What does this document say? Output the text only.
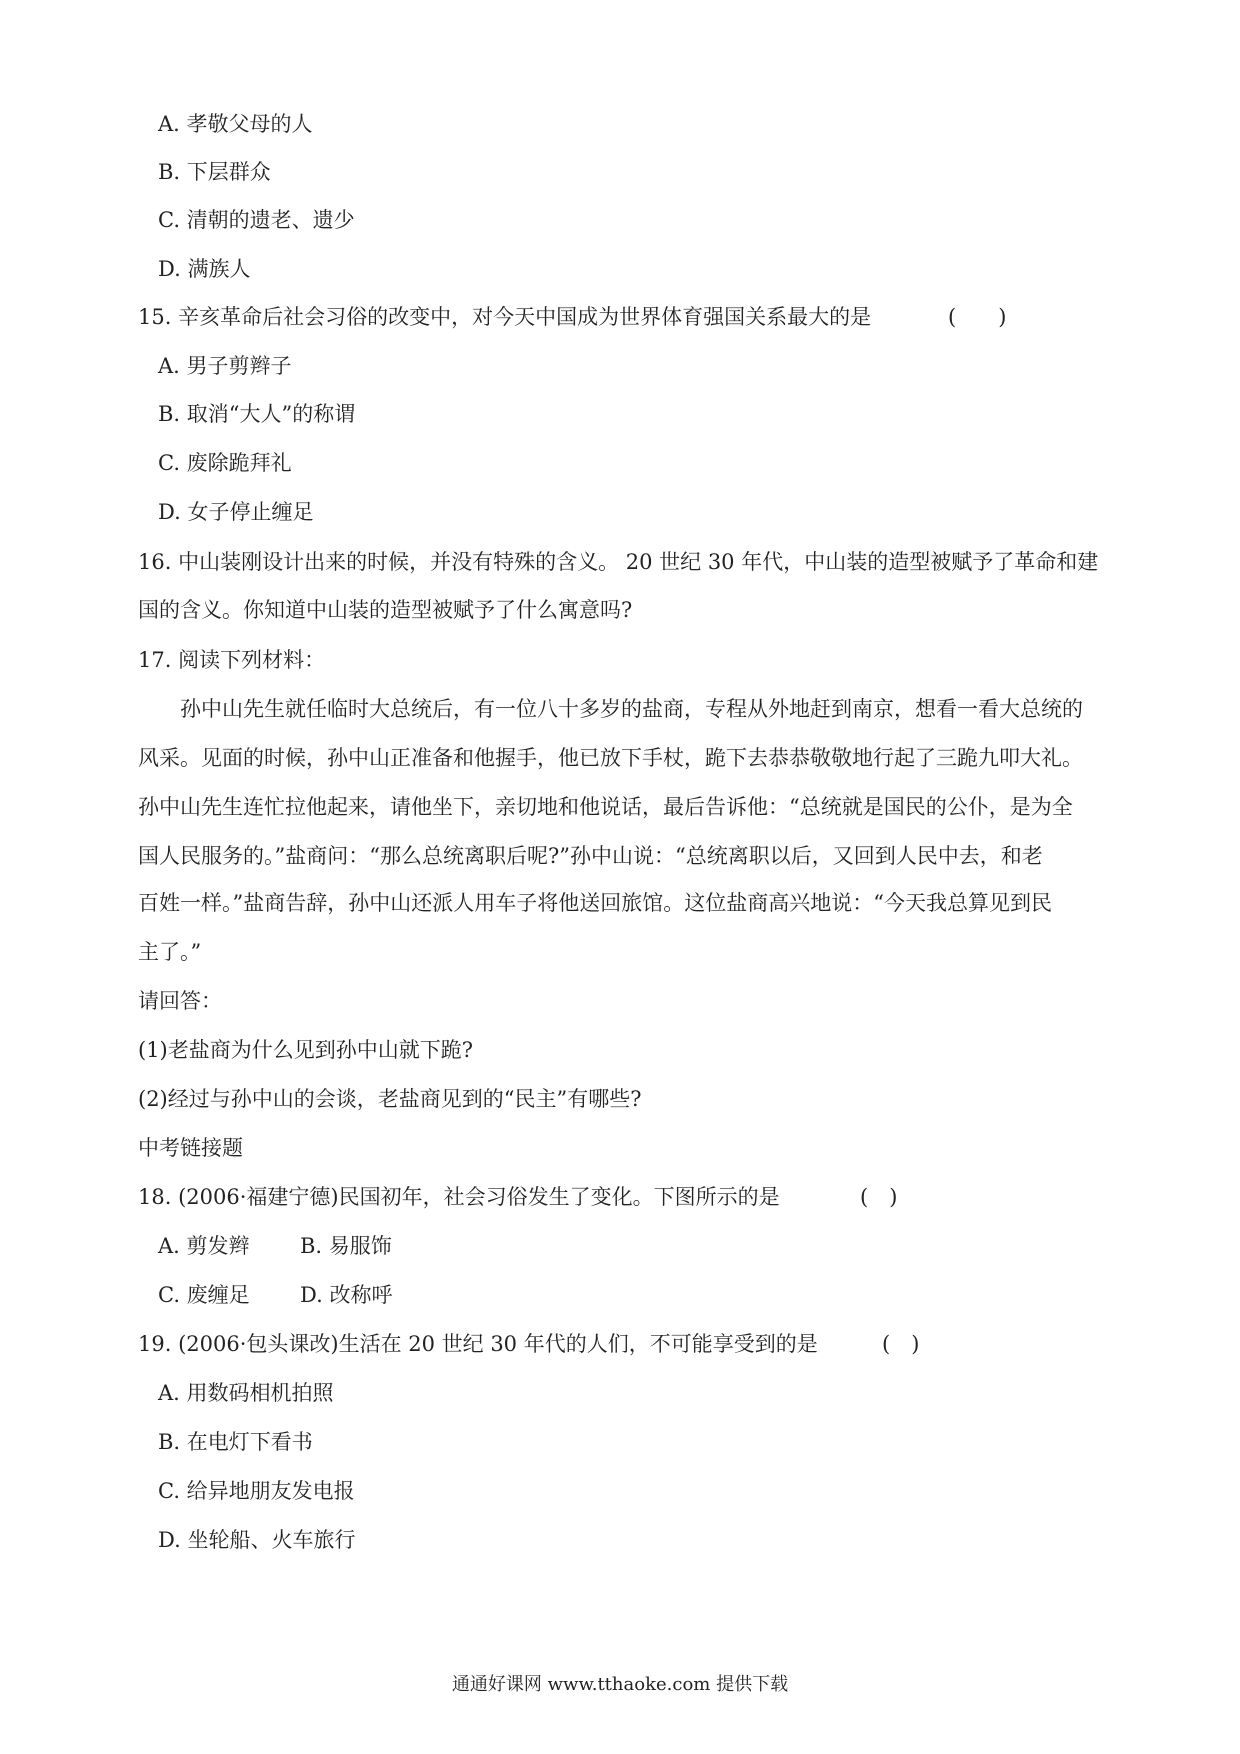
A. 孝敬父母的人
B. 下层群众
C. 清朝的遗老、遗少
D. 满族人
15. 辛亥革命后社会习俗的改变中，对今天中国成为世界体育强国关系最大的是	(　　)
A. 男子剪辫子
B. 取消“大人”的称谓
C. 废除跪拜礼
D. 女子停止缠足
16. 中山装刚设计出来的时候，并没有特殊的含义。 20 世纪 30 年代，中山装的造型被赋予了革命和建
国的含义。你知道中山装的造型被赋予了什么寓意吗?
17. 阅读下列材料：
孙中山先生就任临时大总统后，有一位八十多岁的盐商，专程从外地赶到南京，想看一看大总统的
风采。见面的时候，孙中山正准备和他握手，他已放下手杖，跪下去恭恭敬敬地行起了三跪九叩大礼。
孙中山先生连忙拉他起来，请他坐下，亲切地和他说话，最后告诉他：“总统就是国民的公仆，是为全
国人民服务的。”盐商问：“那么总统离职后呢?”孙中山说：“总统离职以后，又回到人民中去，和老
百姓一样。”盐商告辞，孙中山还派人用车子将他送回旅馆。这位盐商高兴地说：“今天我总算见到民
主了。”
请回答：
(1)老盐商为什么见到孙中山就下跪?
(2)经过与孙中山的会谈，老盐商见到的“民主”有哪些?
中考链接题
18. (2006·福建宁德)民国初年，社会习俗发生了变化。下图所示的是	(　)
A. 剪发辫 B. 易服饰
C. 废缠足 D. 改称呼
19. (2006·包头课改)生活在 20 世纪 30 年代的人们，不可能享受到的是	(　)
A. 用数码相机拍照
B. 在电灯下看书
C. 给异地朋友发电报
D. 坐轮船、火车旅行
通通好课网 www.tthaoke.com 提供下载
